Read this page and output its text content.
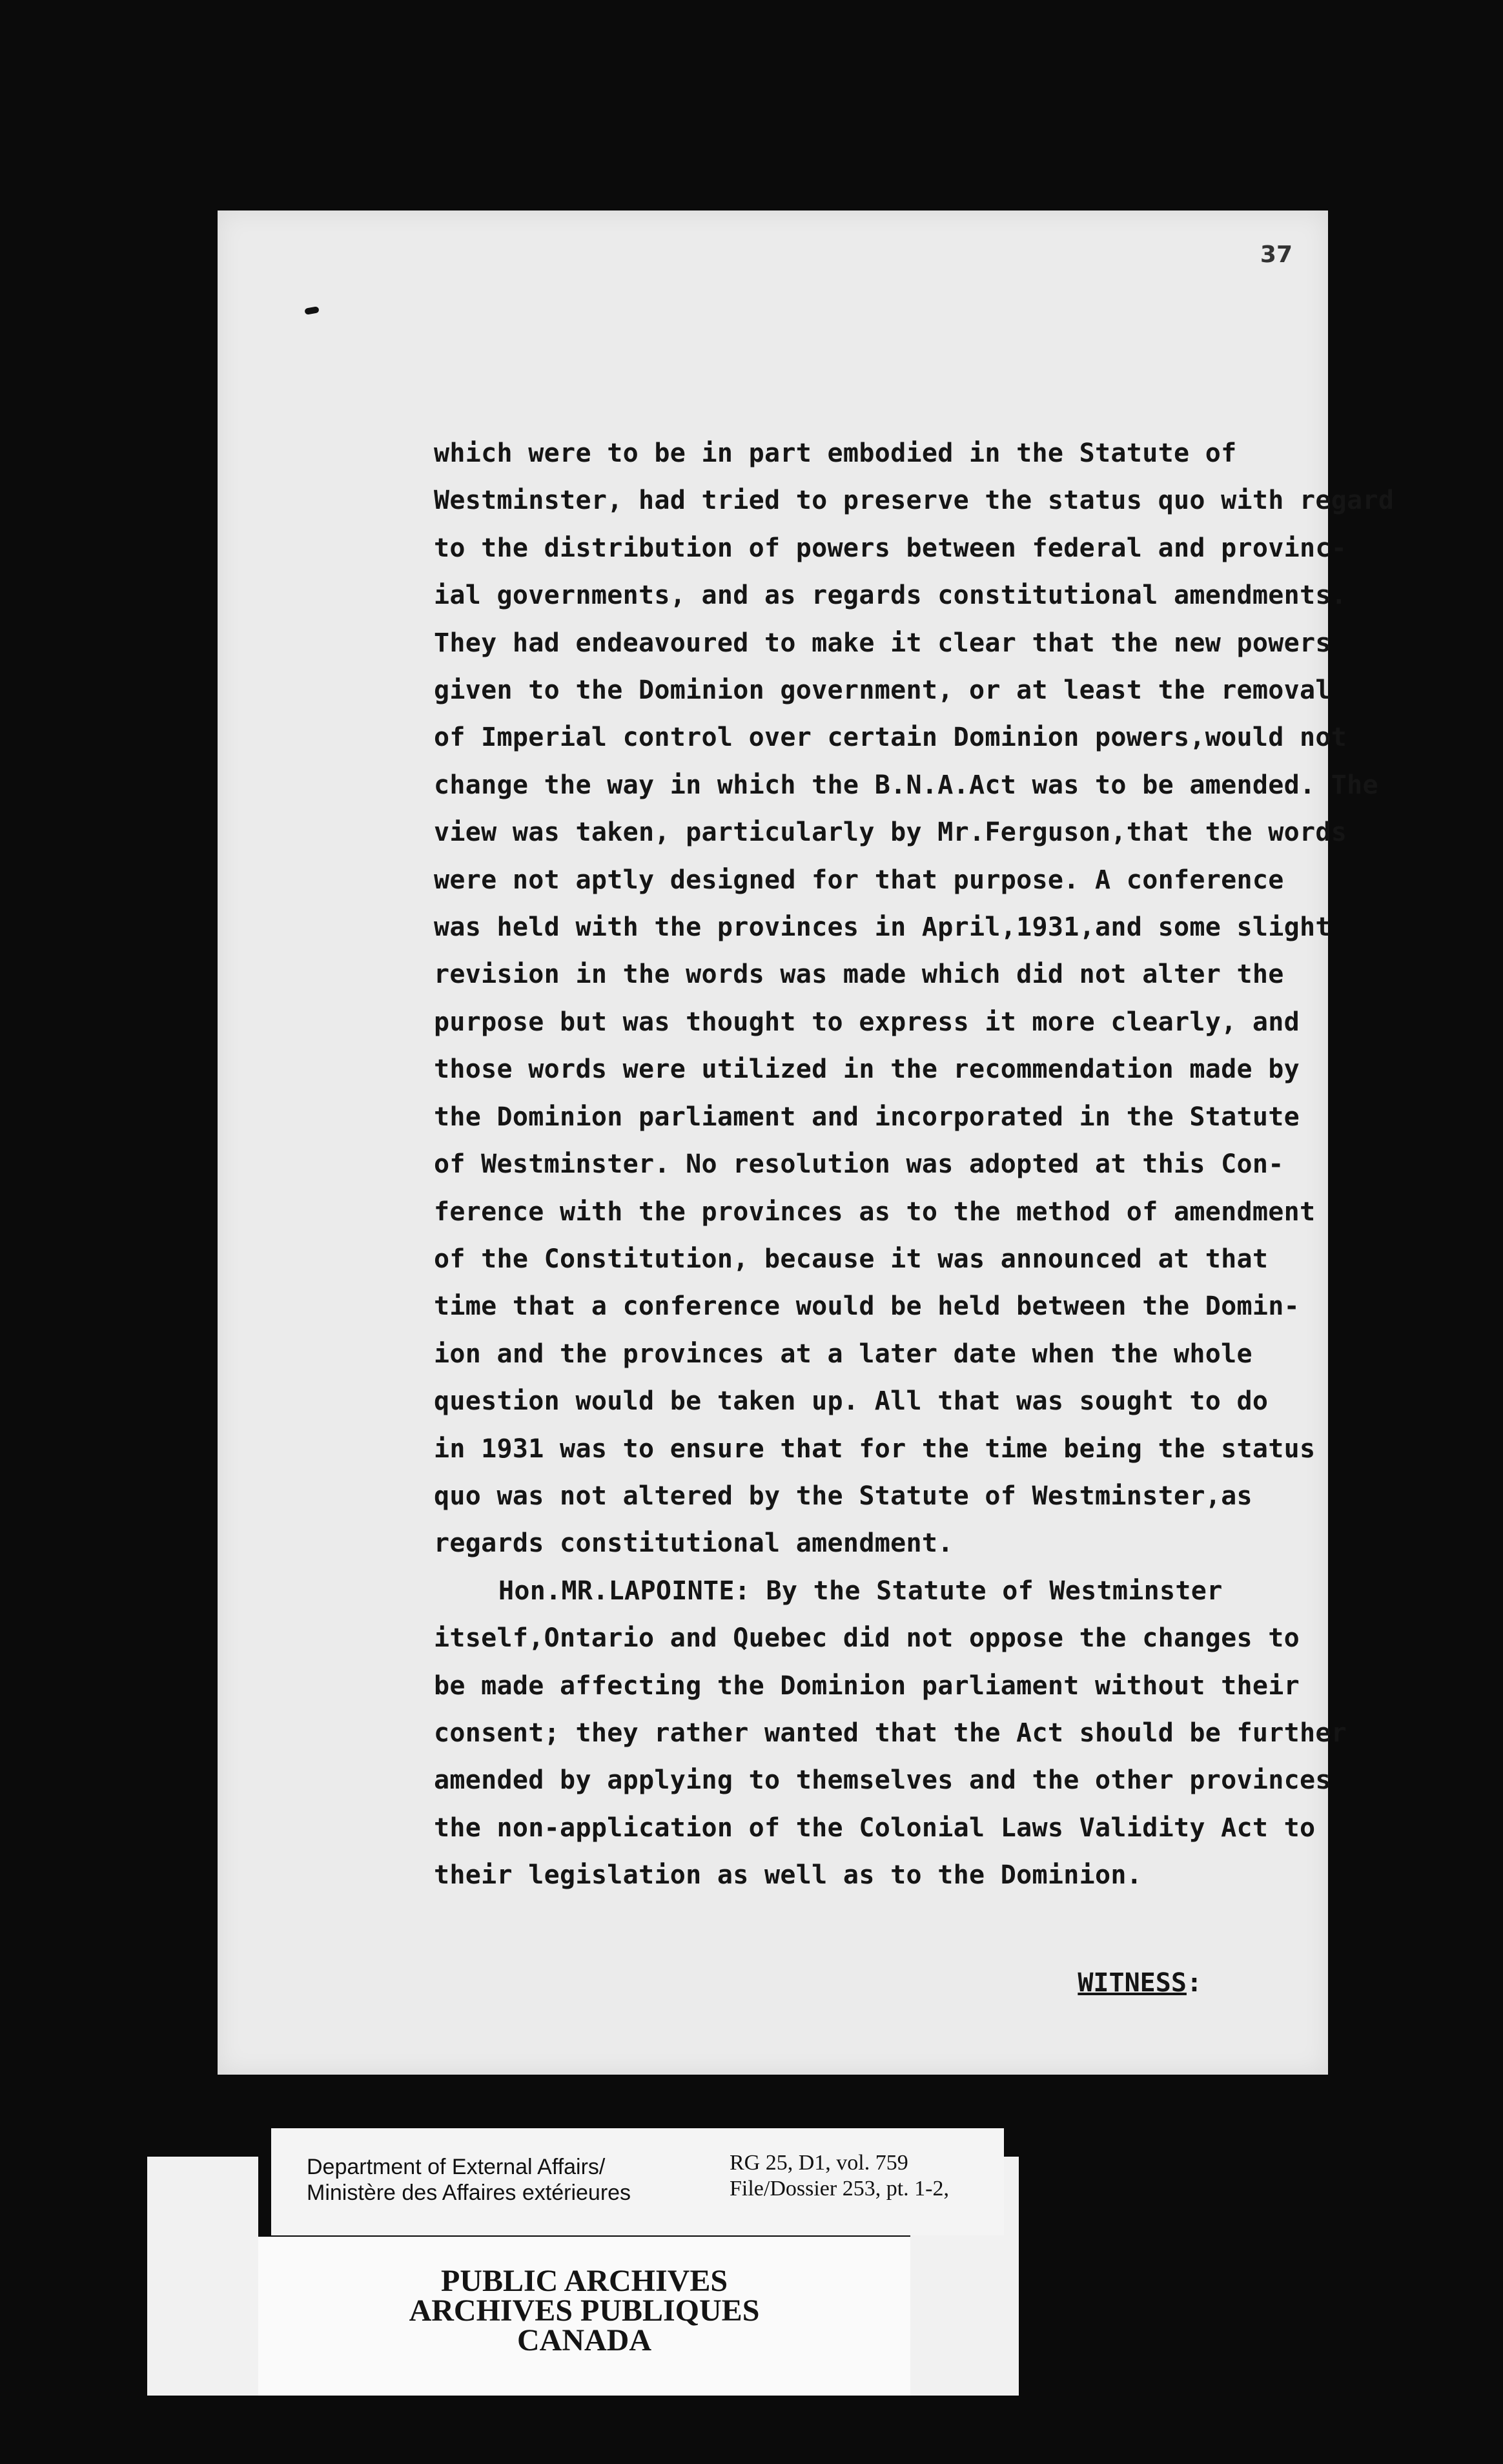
37
which were to be in part embodied in the Statute of
Westminster, had tried to preserve the status quo with regard
to the distribution of powers between federal and provinc-
ial governments, and as regards constitutional amendments.
They had endeavoured to make it clear that the new powers
given to the Dominion government, or at least the removal
of Imperial control over certain Dominion powers,would not
change the way in which the B.N.A.Act was to be amended. The
view was taken, particularly by Mr.Ferguson,that the words
were not aptly designed for that purpose. A conference
was held with the provinces in April,1931,and some slight
revision in the words was made which did not alter the
purpose but was thought to express it more clearly, and
those words were utilized in the recommendation made by
the Dominion parliament and incorporated in the Statute
of Westminster. No resolution was adopted at this Con-
ference with the provinces as to the method of amendment
of the Constitution, because it was announced at that
time that a conference would be held between the Domin-
ion and the provinces at a later date when the whole
question would be taken up. All that was sought to do
in 1931 was to ensure that for the time being the status
quo was not altered by the Statute of Westminster,as
regards constitutional amendment.
Hon.MR.LAPOINTE: By the Statute of Westminster
itself,Ontario and Quebec did not oppose the changes to
be made affecting the Dominion parliament without their
consent; they rather wanted that the Act should be further
amended by applying to themselves and the other provinces
the non-application of the Colonial Laws Validity Act to
their legislation as well as to the Dominion.
WITNESS:
PUBLIC ARCHIVES
ARCHIVES PUBLIQUES
CANADA
Department of External Affairs/
Ministère des Affaires extérieures
RG 25, D1, vol. 759
File/Dossier 253, pt. 1-2,
